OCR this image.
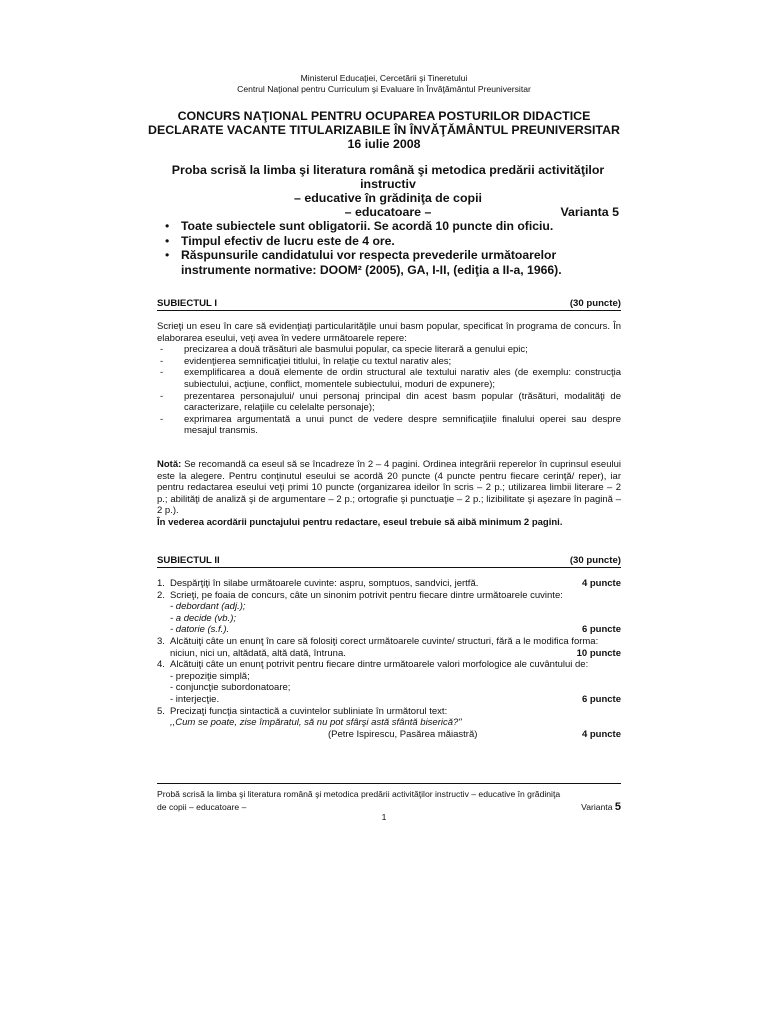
Ministerul Educaţiei, Cercetării şi Tineretului
Centrul Naţional pentru Curriculum şi Evaluare în Învăţământul Preuniversitar
CONCURS NAŢIONAL PENTRU OCUPAREA POSTURILOR DIDACTICE
DECLARATE VACANTE TITULARIZABILE ÎN ÎNVĂŢĂMÂNTUL PREUNIVERSITAR
16 iulie 2008
Proba scrisă la limba şi literatura română şi metodica predării activităţilor instructiv
– educative în grădiniţa de copii
– educatoare –	Varianta 5
• Toate subiectele sunt obligatorii. Se acordă 10 puncte din oficiu.
• Timpul efectiv de lucru este de 4 ore.
• Răspunsurile candidatului vor respecta prevederile următoarelor instrumente normative: DOOM² (2005), GA, I-II, (ediţia a II-a, 1966).
SUBIECTUL I	(30 puncte)
Scrieţi un eseu în care să evidenţiaţi particularităţile unui basm popular, specificat în programa de concurs. În elaborarea eseului, veţi avea în vedere următoarele repere:
- precizarea a două trăsături ale basmului popular, ca specie literară a genului epic;
- evidenţierea semnificaţiei titlului, în relaţie cu textul narativ ales;
- exemplificarea a două elemente de ordin structural ale textului narativ ales (de exemplu: construcţia subiectului, acţiune, conflict, momentele subiectului, moduri de expunere);
- prezentarea personajului/ unui personaj principal din acest basm popular (trăsături, modalităţi de caracterizare, relaţiile cu celelalte personaje);
- exprimarea argumentată a unui punct de vedere despre semnificaţiile finalului operei sau despre mesajul transmis.
Notă: Se recomandă ca eseul să se încadreze în 2 – 4 pagini. Ordinea integrării reperelor în cuprinsul eseului este la alegere. Pentru conţinutul eseului se acordă 20 puncte (4 puncte pentru fiecare cerinţă/ reper), iar pentru redactarea eseului veţi primi 10 puncte (organizarea ideilor în scris – 2 p.; utilizarea limbii literare – 2 p.; abilităţi de analiză şi de argumentare – 2 p.; ortografie şi punctuaţie – 2 p.; lizibilitate şi aşezare în pagină – 2 p.).
În vederea acordării punctajului pentru redactare, eseul trebuie să aibă minimum 2 pagini.
SUBIECTUL II	(30 puncte)
1. Despărţiţi în silabe următoarele cuvinte: aspru, somptuos, sandvici, jertfă.	4 puncte
2. Scrieţi, pe foaia de concurs, câte un sinonim potrivit pentru fiecare dintre următoarele cuvinte:
- debordant (adj.);
- a decide (vb.);
- datorie (s.f.).	6 puncte
3. Alcătuiţi câte un enunţ în care să folosiţi corect următoarele cuvinte/ structuri, fără a le modifica forma: niciun, nici un, altădată, altă dată, întruna.	10 puncte
4. Alcătuiţi câte un enunţ potrivit pentru fiecare dintre următoarele valori morfologice ale cuvântului de:
- prepoziţie simplă;
- conjuncţie subordonatoare;
- interjecţie.	6 puncte
5. Precizaţi funcţia sintactică a cuvintelor subliniate în următorul text:
,,Cum se poate, zise împăratul, să nu pot sfârşi astă sfântă biserică?"
(Petre Ispirescu, Pasărea măiastră)	4 puncte
Probă scrisă la limba şi literatura română şi metodica predării activităţilor instructiv – educative în grădiniţa
de copii – educatoare –	Varianta 5
1
